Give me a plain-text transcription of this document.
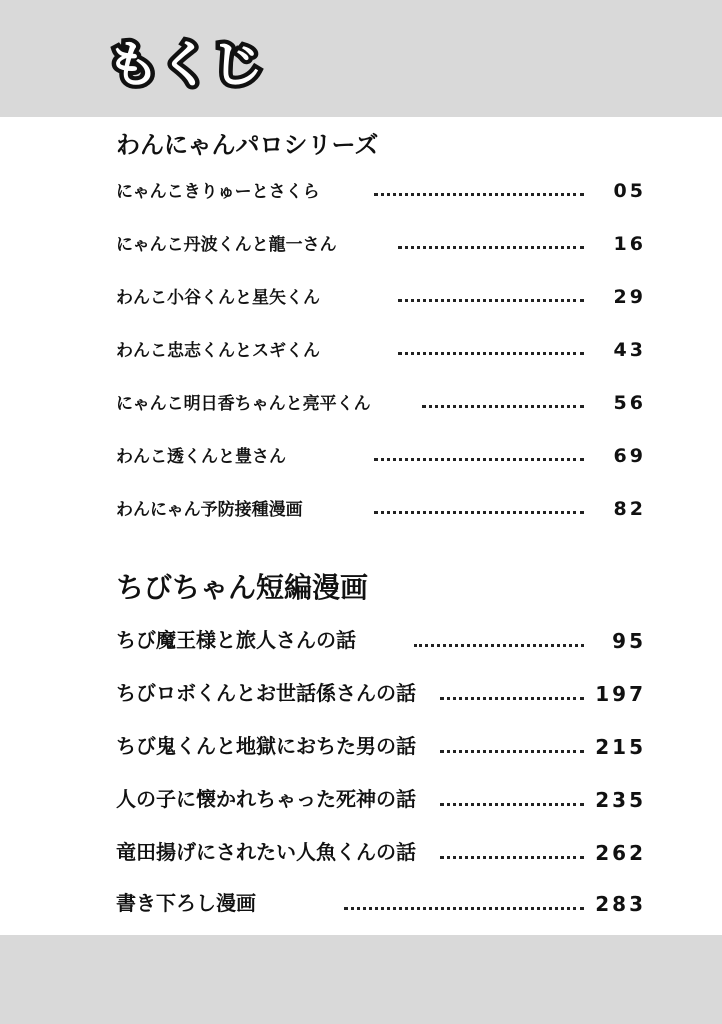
もくじ
わんにゃんパロシリーズ
にゃんこきりゅーとさくら	05
にゃんこ丹波くんと龍一さん	16
わんこ小谷くんと星矢くん	29
わんこ忠志くんとスギくん	43
にゃんこ明日香ちゃんと亮平くん	56
わんこ透くんと豊さん	69
わんにゃん予防接種漫画	82
ちびちゃん短編漫画
ちび魔王様と旅人さんの話	95
ちびロボくんとお世話係さんの話	197
ちび鬼くんと地獄におちた男の話	215
人の子に懐かれちゃった死神の話	235
竜田揚げにされたい人魚くんの話	262
書き下ろし漫画	283
